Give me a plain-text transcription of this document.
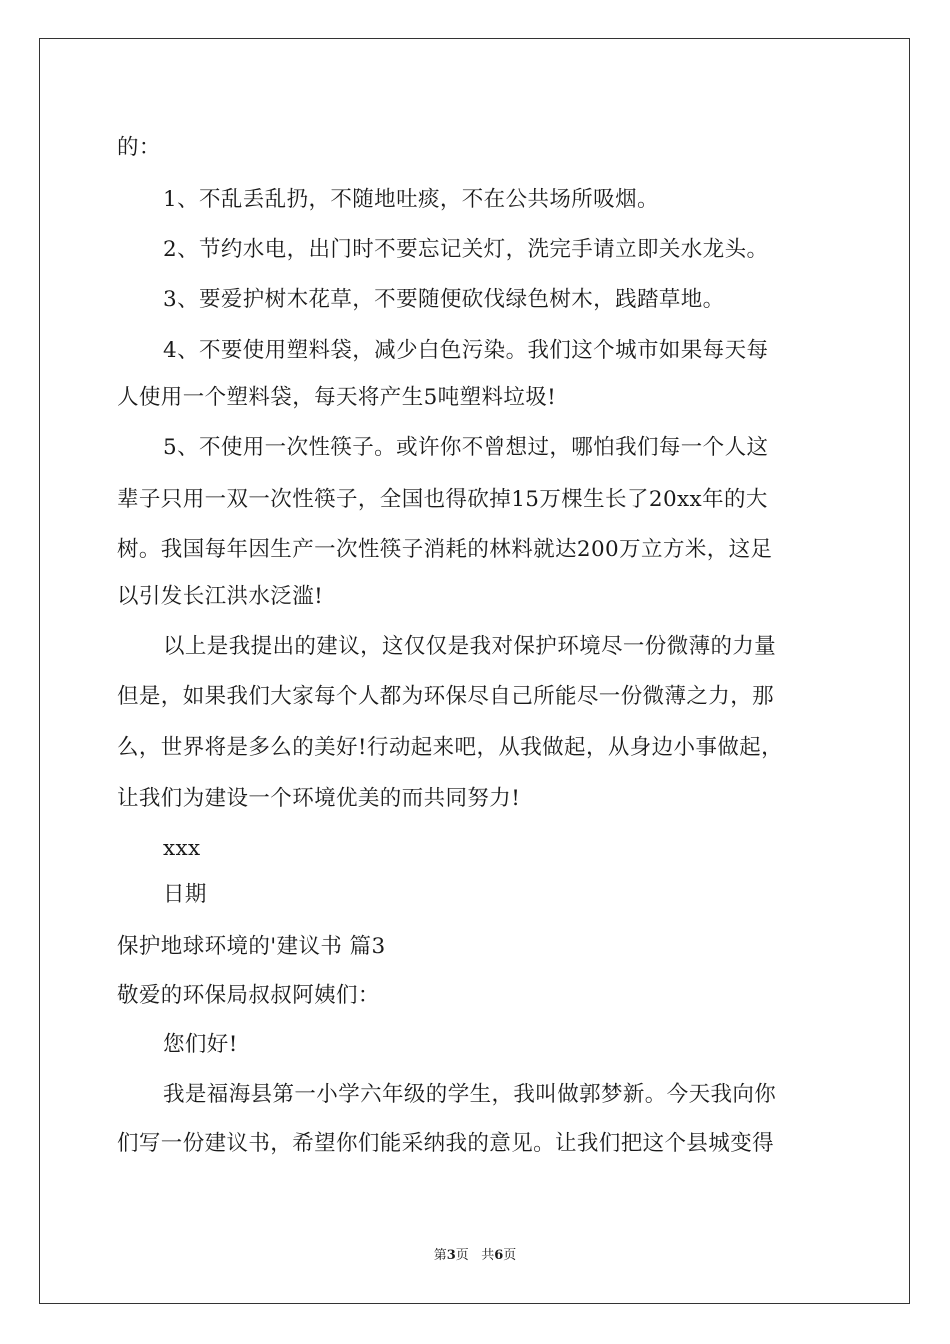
的：
1、不乱丢乱扔，不随地吐痰，不在公共场所吸烟。
2、节约水电，出门时不要忘记关灯，洗完手请立即关水龙头。
3、要爱护树木花草，不要随便砍伐绿色树木，践踏草地。
4、不要使用塑料袋，减少白色污染。我们这个城市如果每天每
人使用一个塑料袋，每天将产生5吨塑料垃圾!
5、不使用一次性筷子。或许你不曾想过，哪怕我们每一个人这
辈子只用一双一次性筷子，全国也得砍掉15万棵生长了20xx年的大
树。我国每年因生产一次性筷子消耗的林料就达200万立方米，这足
以引发长江洪水泛滥!
以上是我提出的建议，这仅仅是我对保护环境尽一份微薄的力量
但是，如果我们大家每个人都为环保尽自己所能尽一份微薄之力，那
么，世界将是多么的美好!行动起来吧，从我做起，从身边小事做起，
让我们为建设一个环境优美的而共同努力!
xxx
日期
保护地球环境的'建议书 篇3
敬爱的环保局叔叔阿姨们：
您们好!
我是福海县第一小学六年级的学生，我叫做郭梦新。今天我向你
们写一份建议书，希望你们能采纳我的意见。让我们把这个县城变得
第3页   共6页
